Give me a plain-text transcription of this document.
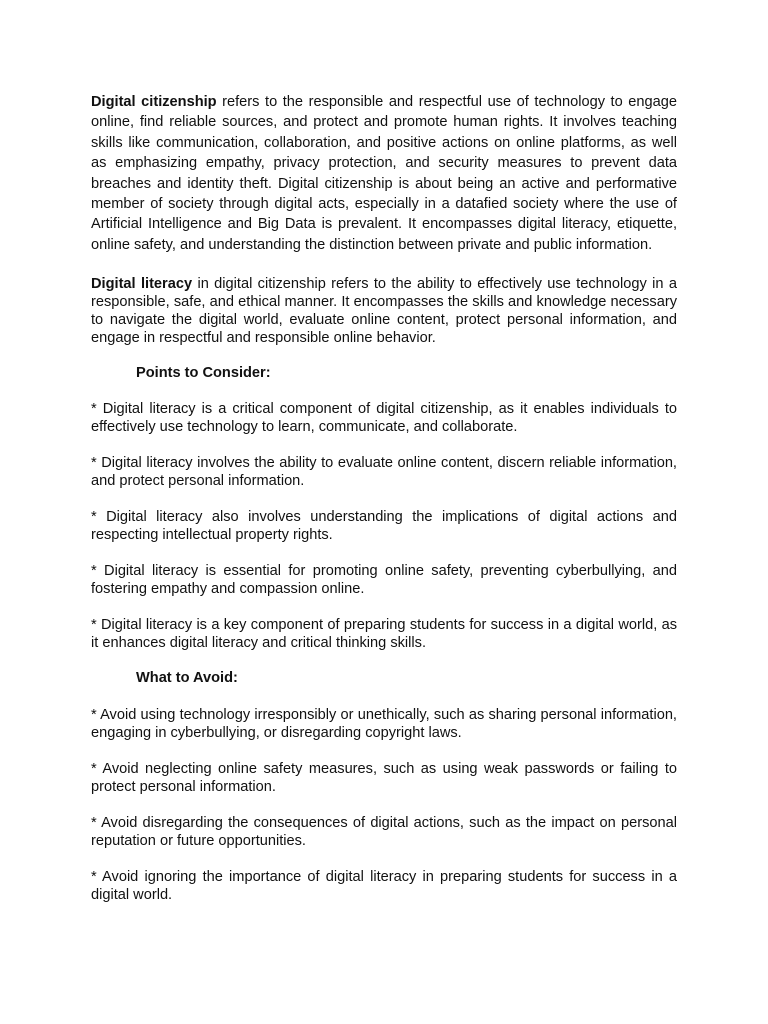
Digital citizenship refers to the responsible and respectful use of technology to engage online, find reliable sources, and protect and promote human rights. It involves teaching skills like communication, collaboration, and positive actions on online platforms, as well as emphasizing empathy, privacy protection, and security measures to prevent data breaches and identity theft. Digital citizenship is about being an active and performative member of society through digital acts, especially in a datafied society where the use of Artificial Intelligence and Big Data is prevalent. It encompasses digital literacy, etiquette, online safety, and understanding the distinction between private and public information.

Digital literacy in digital citizenship refers to the ability to effectively use technology in a responsible, safe, and ethical manner. It encompasses the skills and knowledge necessary to navigate the digital world, evaluate online content, protect personal information, and engage in respectful and responsible online behavior.

Points to Consider:

* Digital literacy is a critical component of digital citizenship, as it enables individuals to effectively use technology to learn, communicate, and collaborate.

* Digital literacy involves the ability to evaluate online content, discern reliable information, and protect personal information.

* Digital literacy also involves understanding the implications of digital actions and respecting intellectual property rights.

* Digital literacy is essential for promoting online safety, preventing cyberbullying, and fostering empathy and compassion online.

* Digital literacy is a key component of preparing students for success in a digital world, as it enhances digital literacy and critical thinking skills.

What to Avoid:

* Avoid using technology irresponsibly or unethically, such as sharing personal information, engaging in cyberbullying, or disregarding copyright laws.

* Avoid neglecting online safety measures, such as using weak passwords or failing to protect personal information.

* Avoid disregarding the consequences of digital actions, such as the impact on personal reputation or future opportunities.

* Avoid ignoring the importance of digital literacy in preparing students for success in a digital world.
